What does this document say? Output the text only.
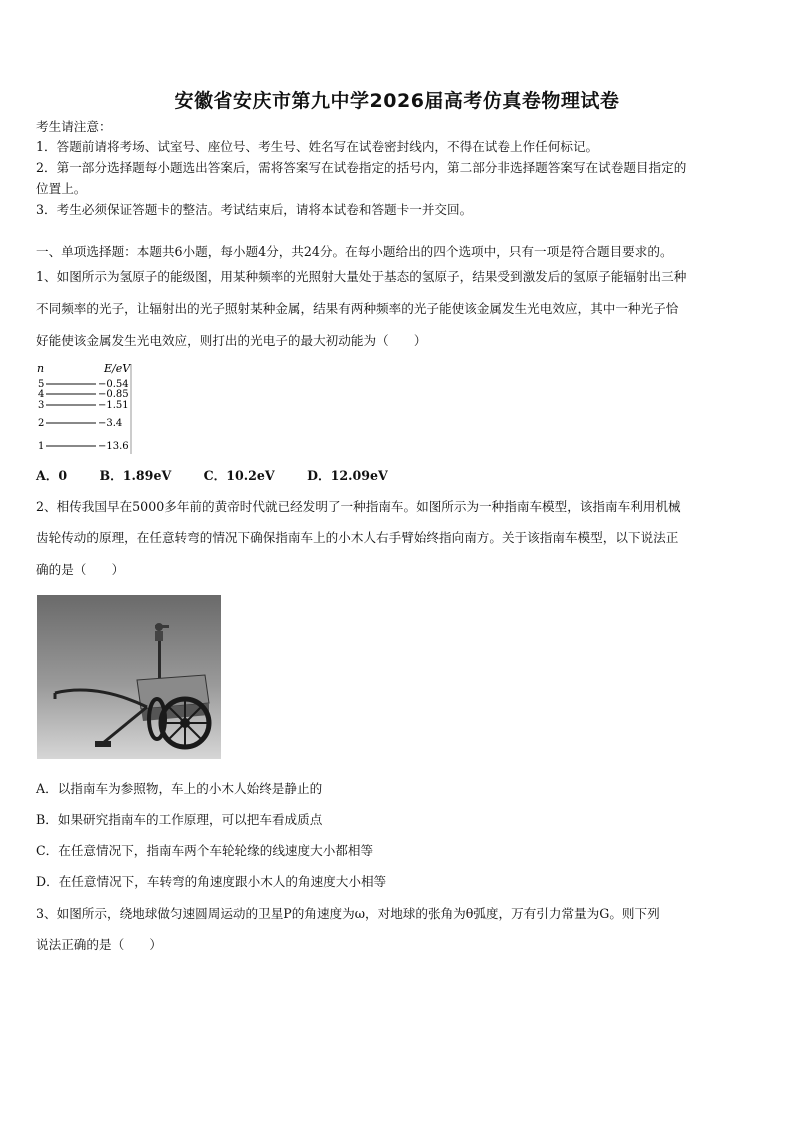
安徽省安庆市第九中学2026届高考仿真卷物理试卷
考生请注意：
1．答题前请将考场、试室号、座位号、考生号、姓名写在试卷密封线内，不得在试卷上作任何标记。
2．第一部分选择题每小题选出答案后，需将答案写在试卷指定的括号内，第二部分非选择题答案写在试卷题目指定的
位置上。
3．考生必须保证答题卡的整洁。考试结束后，请将本试卷和答题卡一并交回。
一、单项选择题：本题共6小题，每小题4分，共24分。在每小题给出的四个选项中，只有一项是符合题目要求的。
1、如图所示为氢原子的能级图，用某种频率的光照射大量处于基态的氢原子，结果受到激发后的氢原子能辐射出三种
不同频率的光子，让辐射出的光子照射某种金属，结果有两种频率的光子能使该金属发生光电效应，其中一种光子恰
好能使该金属发生光电效应，则打出的光电子的最大初动能为（　　）
n	E/eV
5	−0.54
4	−0.85
3	−1.51
2	−3.4
1	−13.6
A．0	B．1.89eV	C．10.2eV	D．12.09eV
2、相传我国早在5000多年前的黄帝时代就已经发明了一种指南车。如图所示为一种指南车模型，该指南车利用机械
齿轮传动的原理，在任意转弯的情况下确保指南车上的小木人右手臂始终指向南方。关于该指南车模型，以下说法正
确的是（　　）
A．以指南车为参照物，车上的小木人始终是静止的
B．如果研究指南车的工作原理，可以把车看成质点
C．在任意情况下，指南车两个车轮轮缘的线速度大小都相等
D．在任意情况下，车转弯的角速度跟小木人的角速度大小相等
3、如图所示，绕地球做匀速圆周运动的卫星P的角速度为ω，对地球的张角为θ弧度，万有引力常量为G。则下列
说法正确的是（　　）
